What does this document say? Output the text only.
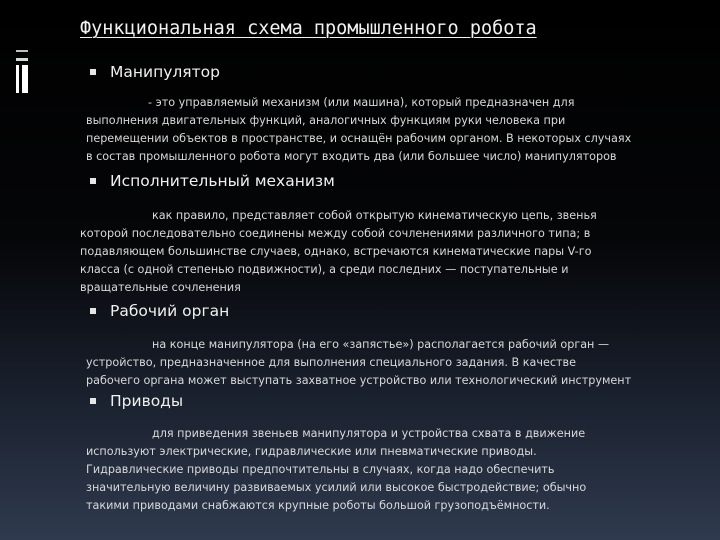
Функциональная схема промышленного робота
Манипулятор
- это управляемый механизм (или машина), который предназначен для
выполнения двигательных функций, аналогичных функциям руки человека при
перемещении объектов в пространстве, и оснащён рабочим органом. В некоторых случаях
в состав промышленного робота могут входить два (или большее число) манипуляторов
Исполнительный механизм
как правило, представляет собой открытую кинематическую цепь, звенья
которой последовательно соединены между собой сочленениями различного типа; в
подавляющем большинстве случаев, однако, встречаются кинематические пары V-го
класса (с одной степенью подвижности), а среди последних — поступательные и
вращательные сочленения
Рабочий орган
на конце манипулятора (на его «запястье») располагается рабочий орган —
устройство, предназначенное для выполнения специального задания. В качестве
рабочего органа может выступать захватное устройство или технологический инструмент
Приводы
для приведения звеньев манипулятора и устройства схвата в движение
используют электрические, гидравлические или пневматические приводы.
Гидравлические приводы предпочтительны в случаях, когда надо обеспечить
значительную величину развиваемых усилий или высокое быстродействие; обычно
такими приводами снабжаются крупные роботы большой грузоподъёмности.
